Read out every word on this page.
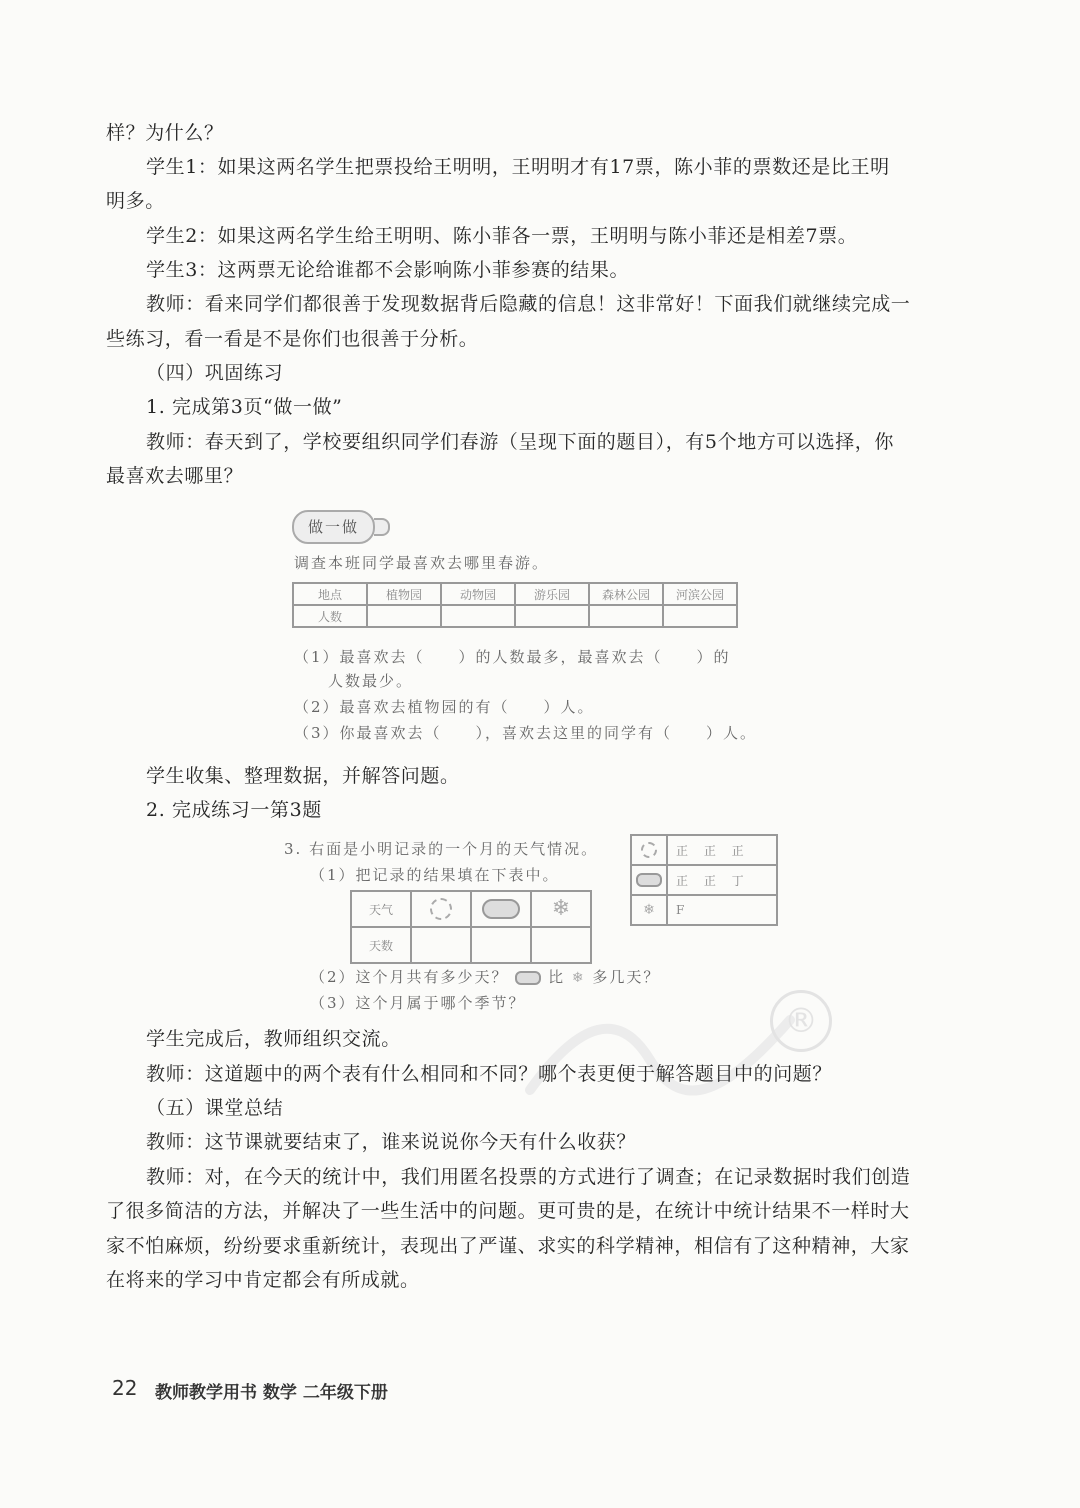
样？为什么？
学生1：如果这两名学生把票投给王明明，王明明才有17票，陈小菲的票数还是比王明
明多。
学生2：如果这两名学生给王明明、陈小菲各一票，王明明与陈小菲还是相差7票。
学生3：这两票无论给谁都不会影响陈小菲参赛的结果。
教师：看来同学们都很善于发现数据背后隐藏的信息！这非常好！下面我们就继续完成一
些练习，看一看是不是你们也很善于分析。
（四）巩固练习
1. 完成第3页“做一做”
教师：春天到了，学校要组织同学们春游（呈现下面的题目），有5个地方可以选择，你
最喜欢去哪里？
做一做
调查本班同学最喜欢去哪里春游。
地点	植物园	动物园	游乐园	森林公园	河滨公园
人数					
（1）最喜欢去（　　）的人数最多，最喜欢去（　　）的
人数最少。
（2）最喜欢去植物园的有（　　）人。
（3）你最喜欢去（　　），喜欢去这里的同学有（　　）人。
学生收集、整理数据，并解答问题。
2. 完成练习一第3题
3. 右面是小明记录的一个月的天气情况。
（1）把记录的结果填在下表中。
天气			❄
天数			
	正 正 正
	正 正 丁
❄	F
（2）这个月共有多少天？	比 ❄ 多几天？
（3）这个月属于哪个季节？	®
学生完成后，教师组织交流。
教师：这道题中的两个表有什么相同和不同？哪个表更便于解答题目中的问题？
（五）课堂总结
教师：这节课就要结束了，谁来说说你今天有什么收获？
教师：对，在今天的统计中，我们用匿名投票的方式进行了调查；在记录数据时我们创造
了很多简洁的方法，并解决了一些生活中的问题。更可贵的是，在统计中统计结果不一样时大
家不怕麻烦，纷纷要求重新统计，表现出了严谨、求实的科学精神，相信有了这种精神，大家
在将来的学习中肯定都会有所成就。
22 教师教学用书 数学 二年级下册
